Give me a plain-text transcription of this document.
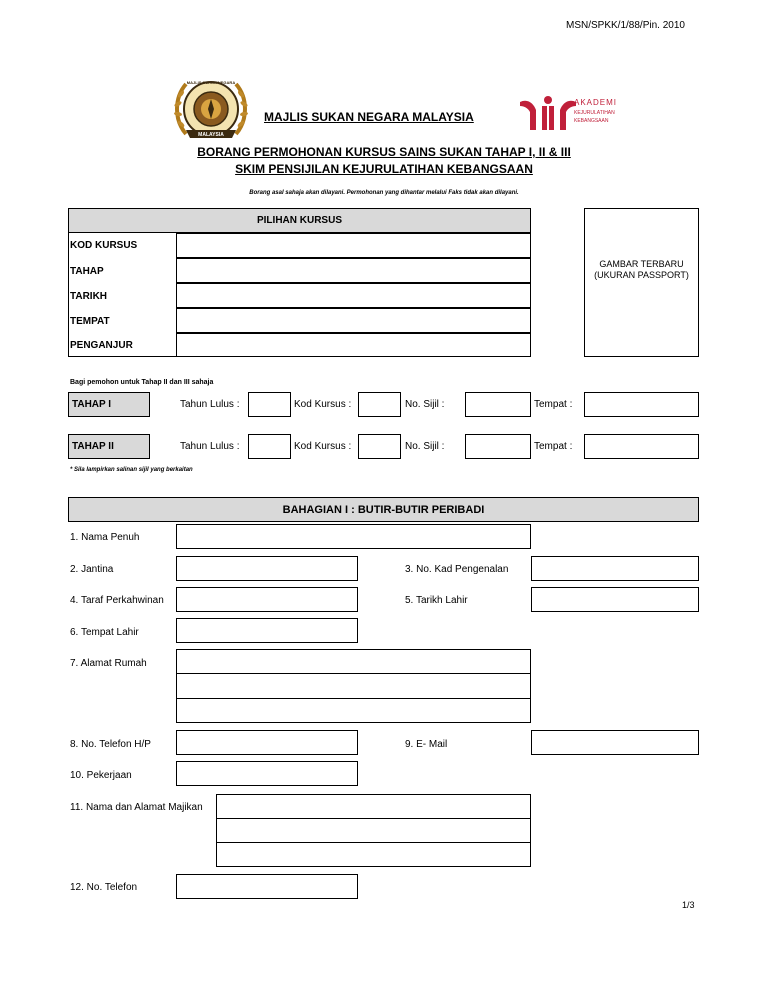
MSN/SPKK/1/88/Pin. 2010
MALAYSIA
MAJLIS SUKAN NEGARA
AKADEMI
KEJURULATIHAN
KEBANGSAAN
MAJLIS SUKAN NEGARA MALAYSIA
BORANG PERMOHONAN KURSUS SAINS SUKAN TAHAP I, II & III
SKIM PENSIJILAN KEJURULATIHAN KEBANGSAAN
Borang asal sahaja akan dilayani. Permohonan yang dihantar melalui Faks tidak akan dilayani.
PILIHAN KURSUS
KOD KURSUS
TAHAP
TARIKH
TEMPAT
PENGANJUR
GAMBAR TERBARU
(UKURAN PASSPORT)
Bagi pemohon untuk Tahap II dan III sahaja
TAHAP I	Tahun Lulus :	Kod Kursus :	No. Sijil :	Tempat :
TAHAP II	Tahun Lulus :	Kod Kursus :	No. Sijil :	Tempat :
* Sila lampirkan salinan sijil yang berkaitan
BAHAGIAN I : BUTIR-BUTIR PERIBADI
1. Nama Penuh
2. Jantina	3. No. Kad Pengenalan
4. Taraf Perkahwinan	5. Tarikh Lahir
6. Tempat Lahir
7. Alamat Rumah
8. No. Telefon H/P	9. E- Mail
10. Pekerjaan
11. Nama dan Alamat Majikan
12. No. Telefon
1/3
